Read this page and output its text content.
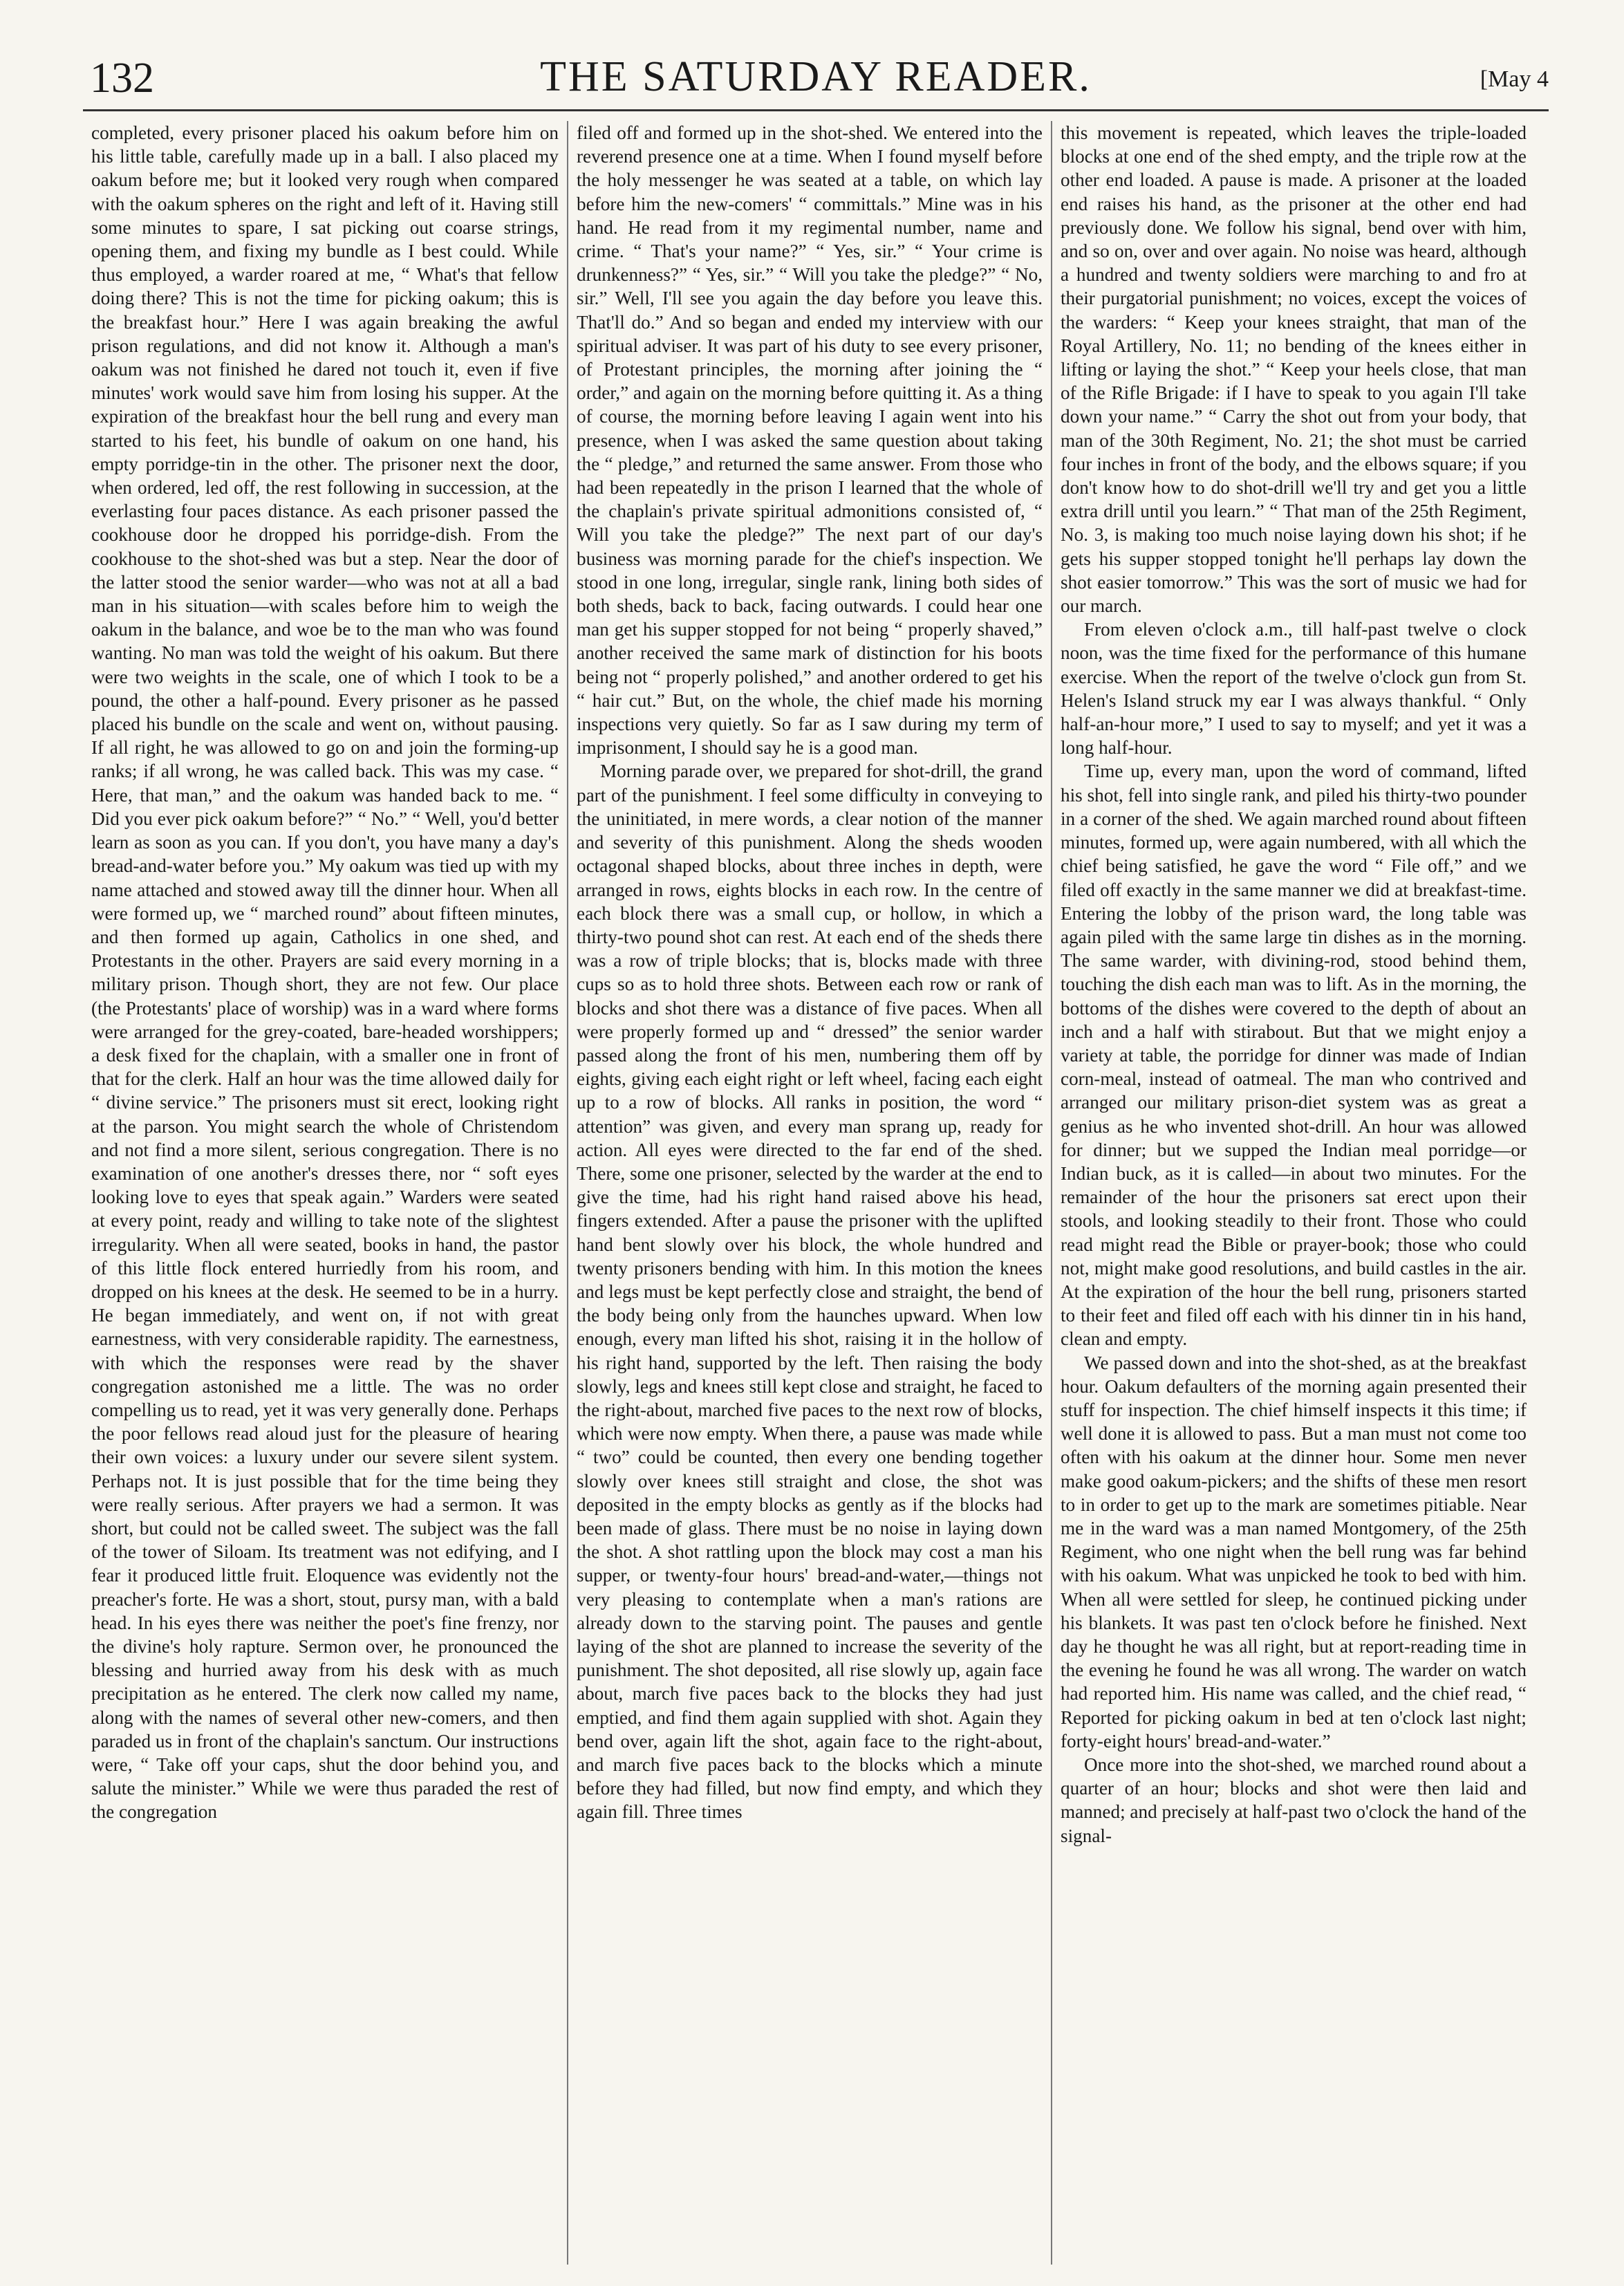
132	THE SATURDAY READER.	[May 4

completed, every prisoner placed his oakum before him on his little table, carefully made up in a ball. I also placed my oakum before me; but it looked very rough when compared with the oakum spheres on the right and left of it. Having still some minutes to spare, I sat picking out coarse strings, opening them, and fixing my bundle as I best could. While thus employed, a warder roared at me, “ What's that fellow doing there? This is not the time for picking oakum; this is the breakfast hour.” Here I was again breaking the awful prison regulations, and did not know it. Although a man's oakum was not finished he dared not touch it, even if five minutes' work would save him from losing his supper. At the expiration of the breakfast hour the bell rung and every man started to his feet, his bundle of oakum on one hand, his empty porridge-tin in the other. The prisoner next the door, when ordered, led off, the rest following in succession, at the everlasting four paces distance. As each prisoner passed the cookhouse door he dropped his porridge-dish. From the cookhouse to the shot-shed was but a step. Near the door of the latter stood the senior warder—who was not at all a bad man in his situation—with scales before him to weigh the oakum in the balance, and woe be to the man who was found wanting. No man was told the weight of his oakum. But there were two weights in the scale, one of which I took to be a pound, the other a half-pound. Every prisoner as he passed placed his bundle on the scale and went on, without pausing. If all right, he was allowed to go on and join the forming-up ranks; if all wrong, he was called back. This was my case. “ Here, that man,” and the oakum was handed back to me. “ Did you ever pick oakum before?” “ No.” “ Well, you'd better learn as soon as you can. If you don't, you have many a day's bread-and-water before you.” My oakum was tied up with my name attached and stowed away till the dinner hour. When all were formed up, we “ marched round” about fifteen minutes, and then formed up again, Catholics in one shed, and Protestants in the other. Prayers are said every morning in a military prison. Though short, they are not few. Our place (the Protestants' place of worship) was in a ward where forms were arranged for the grey-coated, bare-headed worshippers; a desk fixed for the chaplain, with a smaller one in front of that for the clerk. Half an hour was the time allowed daily for “ divine service.” The prisoners must sit erect, looking right at the parson. You might search the whole of Christendom and not find a more silent, serious congregation. There is no examination of one another's dresses there, nor “ soft eyes looking love to eyes that speak again.” Warders were seated at every point, ready and willing to take note of the slightest irregularity. When all were seated, books in hand, the pastor of this little flock entered hurriedly from his room, and dropped on his knees at the desk. He seemed to be in a hurry. He began immediately, and went on, if not with great earnestness, with very considerable rapidity. The earnestness, with which the responses were read by the shaver congregation astonished me a little. The was no order compelling us to read, yet it was very generally done. Perhaps the poor fellows read aloud just for the pleasure of hearing their own voices: a luxury under our severe silent system. Perhaps not. It is just possible that for the time being they were really serious. After prayers we had a sermon. It was short, but could not be called sweet. The subject was the fall of the tower of Siloam. Its treatment was not edifying, and I fear it produced little fruit. Eloquence was evidently not the preacher's forte. He was a short, stout, pursy man, with a bald head. In his eyes there was neither the poet's fine frenzy, nor the divine's holy rapture. Sermon over, he pronounced the blessing and hurried away from his desk with as much precipitation as he entered. The clerk now called my name, along with the names of several other new-comers, and then paraded us in front of the chaplain's sanctum. Our instructions were, “ Take off your caps, shut the door behind you, and salute the minister.” While we were thus paraded the rest of the congregation

filed off and formed up in the shot-shed. We entered into the reverend presence one at a time. When I found myself before the holy messenger he was seated at a table, on which lay before him the new-comers' “ committals.” Mine was in his hand. He read from it my regimental number, name and crime. “ That's your name?” “ Yes, sir.” “ Your crime is drunkenness?” “ Yes, sir.” “ Will you take the pledge?” “ No, sir.” Well, I'll see you again the day before you leave this. That'll do.” And so began and ended my interview with our spiritual adviser. It was part of his duty to see every prisoner, of Protestant principles, the morning after joining the “ order,” and again on the morning before quitting it. As a thing of course, the morning before leaving I again went into his presence, when I was asked the same question about taking the “ pledge,” and returned the same answer. From those who had been repeatedly in the prison I learned that the whole of the chaplain's private spiritual admonitions consisted of, “ Will you take the pledge?” The next part of our day's business was morning parade for the chief's inspection. We stood in one long, irregular, single rank, lining both sides of both sheds, back to back, facing outwards. I could hear one man get his supper stopped for not being “ properly shaved,” another received the same mark of distinction for his boots being not “ properly polished,” and another ordered to get his “ hair cut.” But, on the whole, the chief made his morning inspections very quietly. So far as I saw during my term of imprisonment, I should say he is a good man.

Morning parade over, we prepared for shot-drill, the grand part of the punishment. I feel some difficulty in conveying to the uninitiated, in mere words, a clear notion of the manner and severity of this punishment. Along the sheds wooden octagonal shaped blocks, about three inches in depth, were arranged in rows, eights blocks in each row. In the centre of each block there was a small cup, or hollow, in which a thirty-two pound shot can rest. At each end of the sheds there was a row of triple blocks; that is, blocks made with three cups so as to hold three shots. Between each row or rank of blocks and shot there was a distance of five paces. When all were properly formed up and “ dressed” the senior warder passed along the front of his men, numbering them off by eights, giving each eight right or left wheel, facing each eight up to a row of blocks. All ranks in position, the word “ attention” was given, and every man sprang up, ready for action. All eyes were directed to the far end of the shed. There, some one prisoner, selected by the warder at the end to give the time, had his right hand raised above his head, fingers extended. After a pause the prisoner with the uplifted hand bent slowly over his block, the whole hundred and twenty prisoners bending with him. In this motion the knees and legs must be kept perfectly close and straight, the bend of the body being only from the haunches upward. When low enough, every man lifted his shot, raising it in the hollow of his right hand, supported by the left. Then raising the body slowly, legs and knees still kept close and straight, he faced to the right-about, marched five paces to the next row of blocks, which were now empty. When there, a pause was made while “ two” could be counted, then every one bending together slowly over knees still straight and close, the shot was deposited in the empty blocks as gently as if the blocks had been made of glass. There must be no noise in laying down the shot. A shot rattling upon the block may cost a man his supper, or twenty-four hours' bread-and-water,—things not very pleasing to contemplate when a man's rations are already down to the starving point. The pauses and gentle laying of the shot are planned to increase the severity of the punishment. The shot deposited, all rise slowly up, again face about, march five paces back to the blocks they had just emptied, and find them again supplied with shot. Again they bend over, again lift the shot, again face to the right-about, and march five paces back to the blocks which a minute before they had filled, but now find empty, and which they again fill. Three times

this movement is repeated, which leaves the triple-loaded blocks at one end of the shed empty, and the triple row at the other end loaded. A pause is made. A prisoner at the loaded end raises his hand, as the prisoner at the other end had previously done. We follow his signal, bend over with him, and so on, over and over again. No noise was heard, although a hundred and twenty soldiers were marching to and fro at their purgatorial punishment; no voices, except the voices of the warders: “ Keep your knees straight, that man of the Royal Artillery, No. 11; no bending of the knees either in lifting or laying the shot.” “ Keep your heels close, that man of the Rifle Brigade: if I have to speak to you again I'll take down your name.” “ Carry the shot out from your body, that man of the 30th Regiment, No. 21; the shot must be carried four inches in front of the body, and the elbows square; if you don't know how to do shot-drill we'll try and get you a little extra drill until you learn.” “ That man of the 25th Regiment, No. 3, is making too much noise laying down his shot; if he gets his supper stopped tonight he'll perhaps lay down the shot easier tomorrow.” This was the sort of music we had for our march.

From eleven o'clock a.m., till half-past twelve o clock noon, was the time fixed for the performance of this humane exercise. When the report of the twelve o'clock gun from St. Helen's Island struck my ear I was always thankful. “ Only half-an-hour more,” I used to say to myself; and yet it was a long half-hour.

Time up, every man, upon the word of command, lifted his shot, fell into single rank, and piled his thirty-two pounder in a corner of the shed. We again marched round about fifteen minutes, formed up, were again numbered, with all which the chief being satisfied, he gave the word “ File off,” and we filed off exactly in the same manner we did at breakfast-time. Entering the lobby of the prison ward, the long table was again piled with the same large tin dishes as in the morning. The same warder, with divining-rod, stood behind them, touching the dish each man was to lift. As in the morning, the bottoms of the dishes were covered to the depth of about an inch and a half with stirabout. But that we might enjoy a variety at table, the porridge for dinner was made of Indian corn-meal, instead of oatmeal. The man who contrived and arranged our military prison-diet system was as great a genius as he who invented shot-drill. An hour was allowed for dinner; but we supped the Indian meal porridge—or Indian buck, as it is called—in about two minutes. For the remainder of the hour the prisoners sat erect upon their stools, and looking steadily to their front. Those who could read might read the Bible or prayer-book; those who could not, might make good resolutions, and build castles in the air. At the expiration of the hour the bell rung, prisoners started to their feet and filed off each with his dinner tin in his hand, clean and empty.

We passed down and into the shot-shed, as at the breakfast hour. Oakum defaulters of the morning again presented their stuff for inspection. The chief himself inspects it this time; if well done it is allowed to pass. But a man must not come too often with his oakum at the dinner hour. Some men never make good oakum-pickers; and the shifts of these men resort to in order to get up to the mark are sometimes pitiable. Near me in the ward was a man named Montgomery, of the 25th Regiment, who one night when the bell rung was far behind with his oakum. What was unpicked he took to bed with him. When all were settled for sleep, he continued picking under his blankets. It was past ten o'clock before he finished. Next day he thought he was all right, but at report-reading time in the evening he found he was all wrong. The warder on watch had reported him. His name was called, and the chief read, “ Reported for picking oakum in bed at ten o'clock last night; forty-eight hours' bread-and-water.”

Once more into the shot-shed, we marched round about a quarter of an hour; blocks and shot were then laid and manned; and precisely at half-past two o'clock the hand of the signal-
